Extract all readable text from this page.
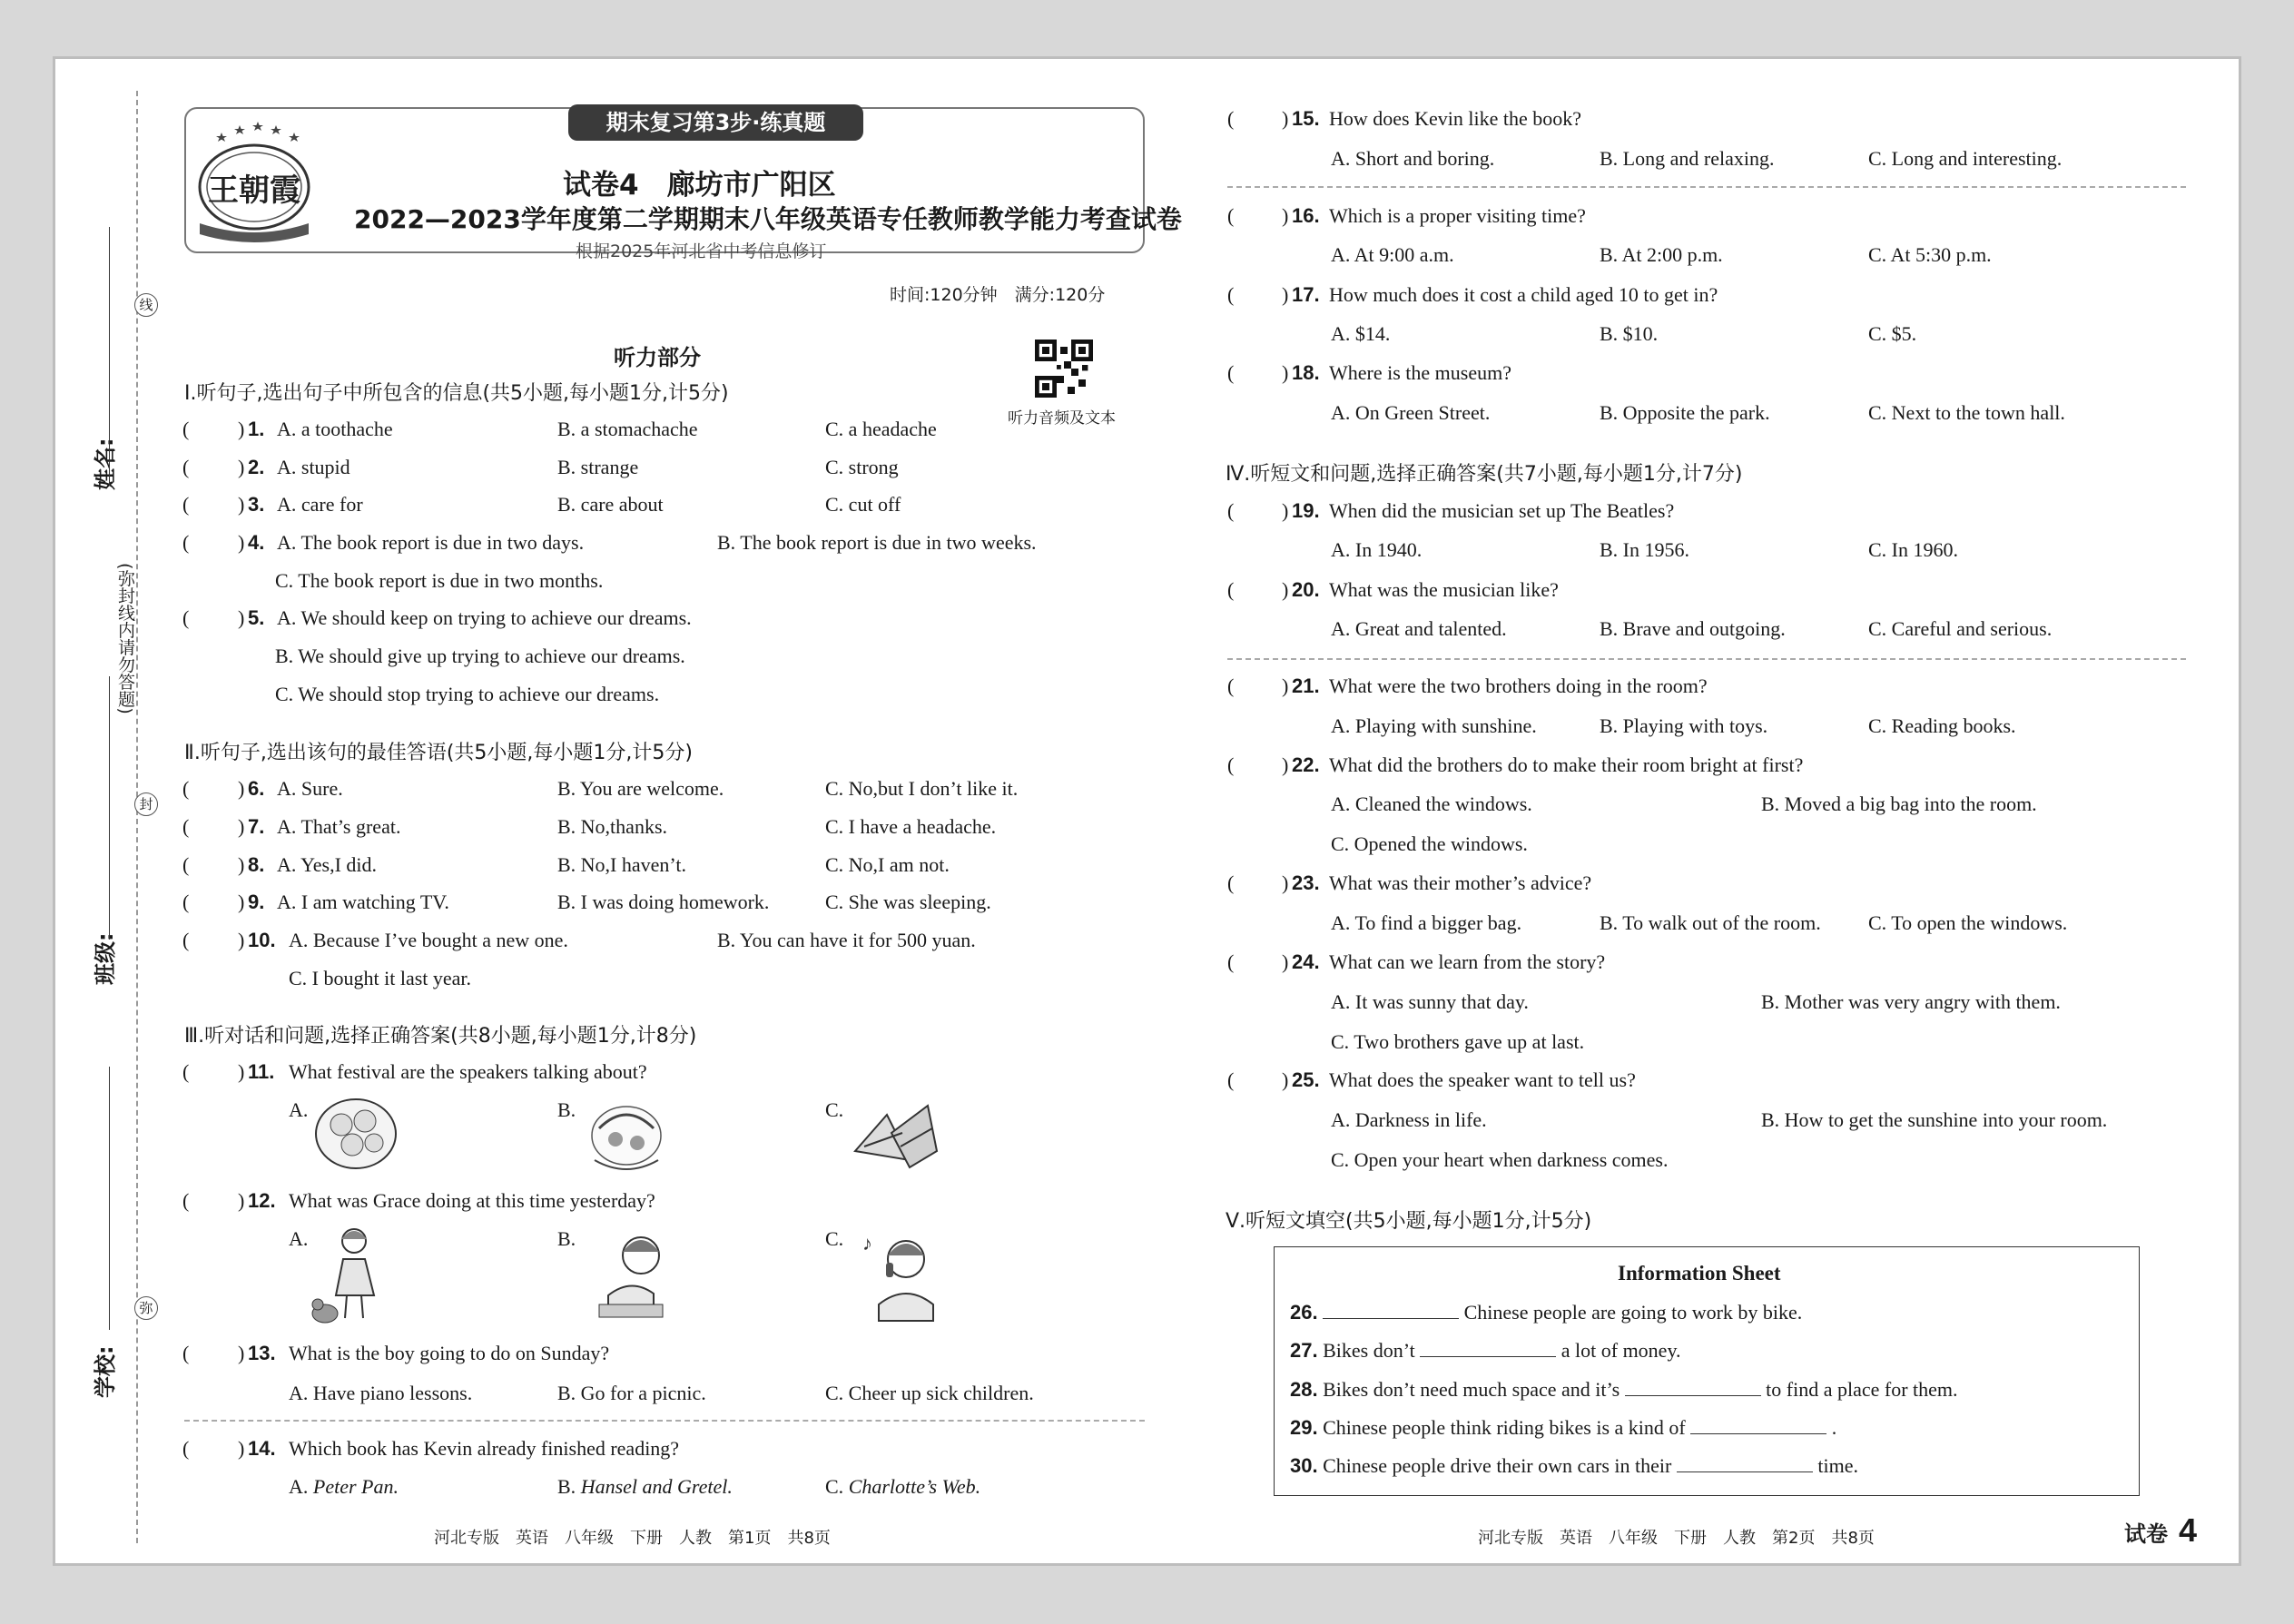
线
封
弥
(弥封线内请勿答题)
姓名:
班级:
学校:
王朝霞
期末复习第3步·练真题
试卷4　廊坊市广阳区
2022—2023学年度第二学期期末八年级英语专任教师教学能力考查试卷
根据2025年河北省中考信息修订
时间:120分钟　满分:120分
听力音频及文本
听力部分
Ⅰ.听句子,选出句子中所包含的信息(共5小题,每小题1分,计5分)
( ) 1. A. a toothache	B. a stomachache	C. a headache
( ) 2. A. stupid	B. strange	C. strong
( ) 3. A. care for	B. care about	C. cut off
( ) 4. A. The book report is due in two days.	B. The book report is due in two weeks.
C. The book report is due in two months.
( ) 5. A. We should keep on trying to achieve our dreams.
B. We should give up trying to achieve our dreams.
C. We should stop trying to achieve our dreams.
Ⅱ.听句子,选出该句的最佳答语(共5小题,每小题1分,计5分)
( ) 6. A. Sure.	B. You are welcome.	C. No,but I don’t like it.
( ) 7. A. That’s great.	B. No,thanks.	C. I have a headache.
( ) 8. A. Yes,I did.	B. No,I haven’t.	C. No,I am not.
( ) 9. A. I am watching TV.	B. I was doing homework.	C. She was sleeping.
( ) 10. A. Because I’ve bought a new one.	B. You can have it for 500 yuan.
C. I bought it last year.
Ⅲ.听对话和问题,选择正确答案(共8小题,每小题1分,计8分)
( ) 11. What festival are the speakers talking about?
A.	B.	C.
( ) 12. What was Grace doing at this time yesterday?
A.	B.	C. ♪
( ) 13. What is the boy going to do on Sunday?
A. Have piano lessons.	B. Go for a picnic.	C. Cheer up sick children.
( ) 14. Which book has Kevin already finished reading?
A. Peter Pan.	B. Hansel and Gretel.	C. Charlotte’s Web.
( ) 15. How does Kevin like the book?
A. Short and boring.	B. Long and relaxing.	C. Long and interesting.
( ) 16. Which is a proper visiting time?
A. At 9:00 a.m.	B. At 2:00 p.m.	C. At 5:30 p.m.
( ) 17. How much does it cost a child aged 10 to get in?
A. $14.	B. $10.	C. $5.
( ) 18. Where is the museum?
A. On Green Street.	B. Opposite the park.	C. Next to the town hall.
Ⅳ.听短文和问题,选择正确答案(共7小题,每小题1分,计7分)
( ) 19. When did the musician set up The Beatles?
A. In 1940.	B. In 1956.	C. In 1960.
( ) 20. What was the musician like?
A. Great and talented.	B. Brave and outgoing.	C. Careful and serious.
( ) 21. What were the two brothers doing in the room?
A. Playing with sunshine.	B. Playing with toys.	C. Reading books.
( ) 22. What did the brothers do to make their room bright at first?
A. Cleaned the windows.	B. Moved a big bag into the room.
C. Opened the windows.
( ) 23. What was their mother’s advice?
A. To find a bigger bag.	B. To walk out of the room. C. To open the windows.
( ) 24. What can we learn from the story?
A. It was sunny that day.	B. Mother was very angry with them.
C. Two brothers gave up at last.
( ) 25. What does the speaker want to tell us?
A. Darkness in life.	B. How to get the sunshine into your room.
C. Open your heart when darkness comes.
Ⅴ.听短文填空(共5小题,每小题1分,计5分)
Information Sheet
26.	Chinese people are going to work by bike.
27. Bikes don’t	a lot of money.
28. Bikes don’t need much space and it’s	to find a place for them.
29. Chinese people think riding bikes is a kind of	.
30. Chinese people drive their own cars in their	time.
河北专版　英语　八年级　下册　人教　第1页　共8页	河北专版　英语　八年级　下册　人教　第2页　共8页	试卷 4
